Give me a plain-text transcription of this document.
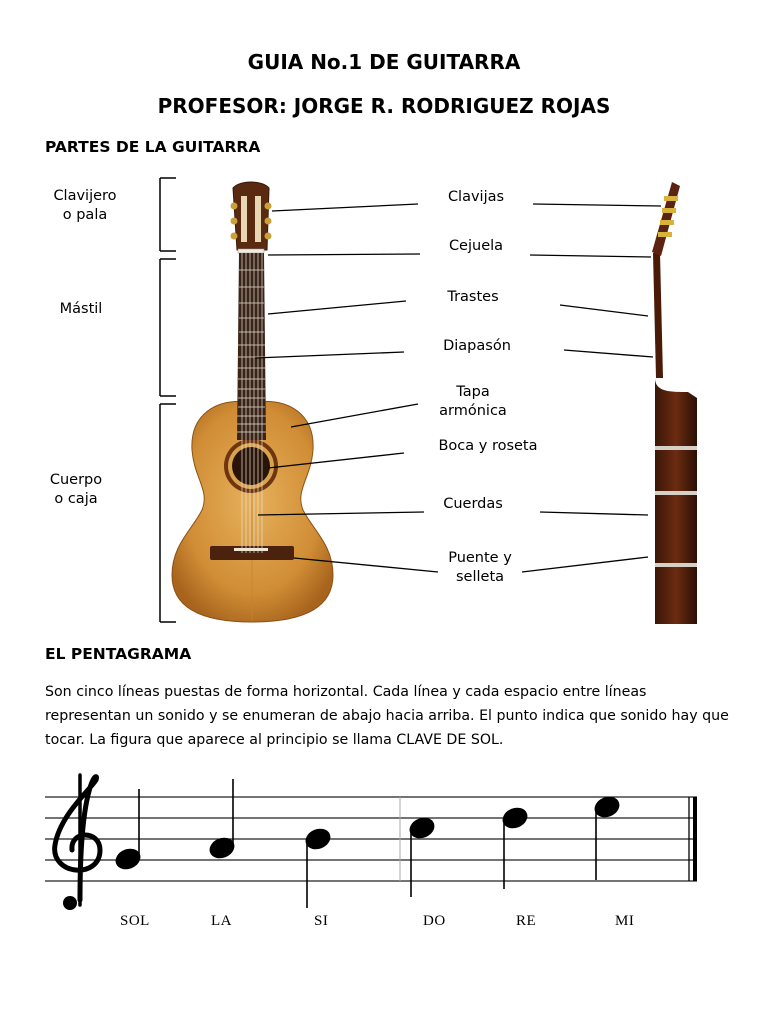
GUIA No.1 DE GUITARRA
PROFESOR: JORGE R. RODRIGUEZ ROJAS
PARTES DE LA GUITARRA
Clavijero
o pala
Mástil
Cuerpo
o caja
Clavijas
Cejuela
Trastes
Diapasón
Tapa
armónica
Boca y roseta
Cuerdas
Puente y
selleta
EL PENTAGRAMA
Son cinco líneas puestas de forma horizontal. Cada línea y cada espacio entre líneas representan un sonido y se enumeran de abajo hacia arriba. El punto indica que sonido hay que tocar. La figura que aparece al principio se llama CLAVE DE SOL.
SOL	LA	SI	DO	RE	MI
